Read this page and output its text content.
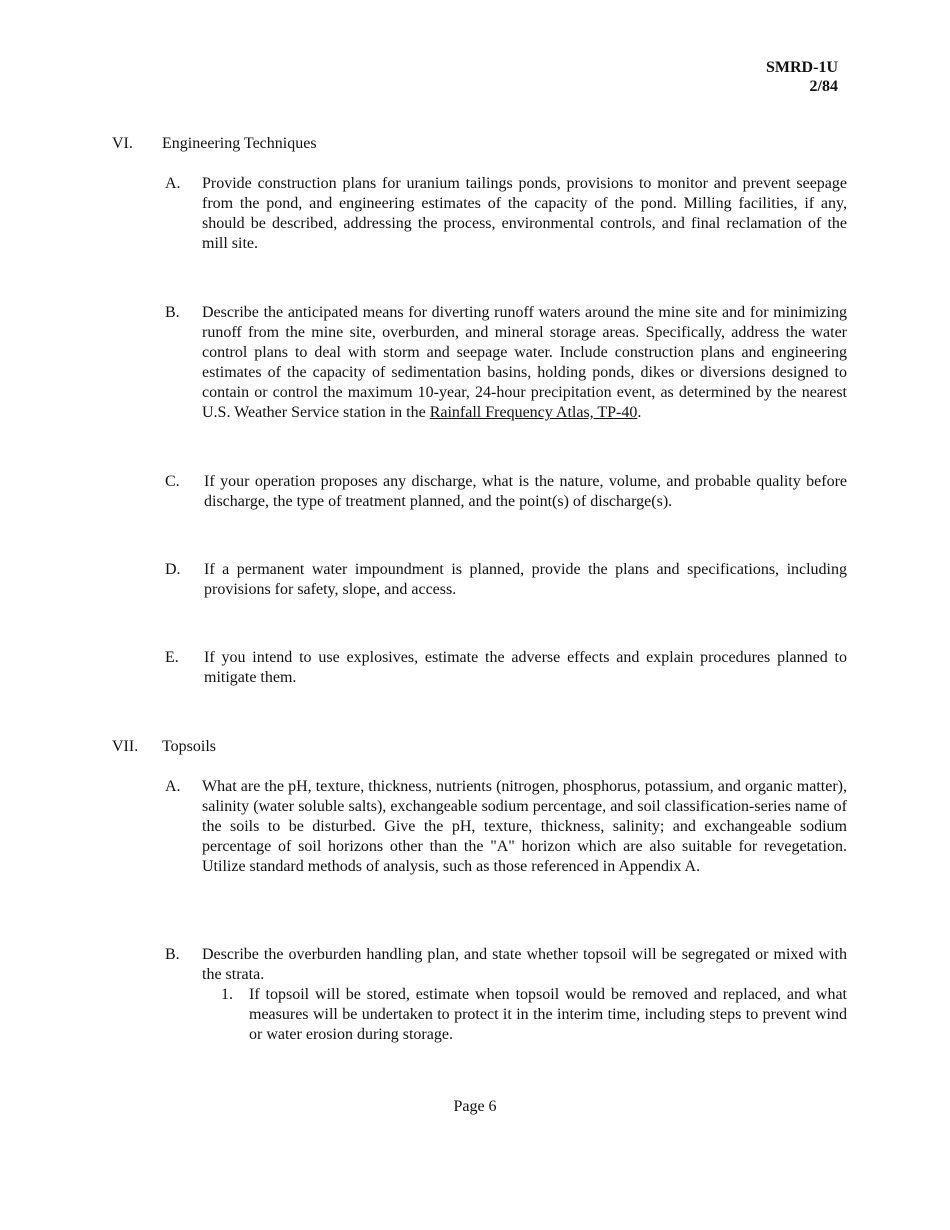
SMRD-1U
2/84
VI. Engineering Techniques
A. Provide construction plans for uranium tailings ponds, provisions to monitor and prevent seepage from the pond, and engineering estimates of the capacity of the pond. Milling facilities, if any, should be described, addressing the process, environmental controls, and final reclamation of the mill site.
B. Describe the anticipated means for diverting runoff waters around the mine site and for minimizing runoff from the mine site, overburden, and mineral storage areas. Specifically, address the water control plans to deal with storm and seepage water. Include construction plans and engineering estimates of the capacity of sedimentation basins, holding ponds, dikes or diversions designed to contain or control the maximum 10-year, 24-hour precipitation event, as determined by the nearest U.S. Weather Service station in the Rainfall Frequency Atlas, TP-40.
C. If your operation proposes any discharge, what is the nature, volume, and probable quality before discharge, the type of treatment planned, and the point(s) of discharge(s).
D. If a permanent water impoundment is planned, provide the plans and specifications, including provisions for safety, slope, and access.
E. If you intend to use explosives, estimate the adverse effects and explain procedures planned to mitigate them.
VII. Topsoils
A. What are the pH, texture, thickness, nutrients (nitrogen, phosphorus, potassium, and organic matter), salinity (water soluble salts), exchangeable sodium percentage, and soil classification-series name of the soils to be disturbed. Give the pH, texture, thickness, salinity; and exchangeable sodium percentage of soil horizons other than the "A" horizon which are also suitable for revegetation. Utilize standard methods of analysis, such as those referenced in Appendix A.
B. Describe the overburden handling plan, and state whether topsoil will be segregated or mixed with the strata.
1. If topsoil will be stored, estimate when topsoil would be removed and replaced, and what measures will be undertaken to protect it in the interim time, including steps to prevent wind or water erosion during storage.
Page 6
